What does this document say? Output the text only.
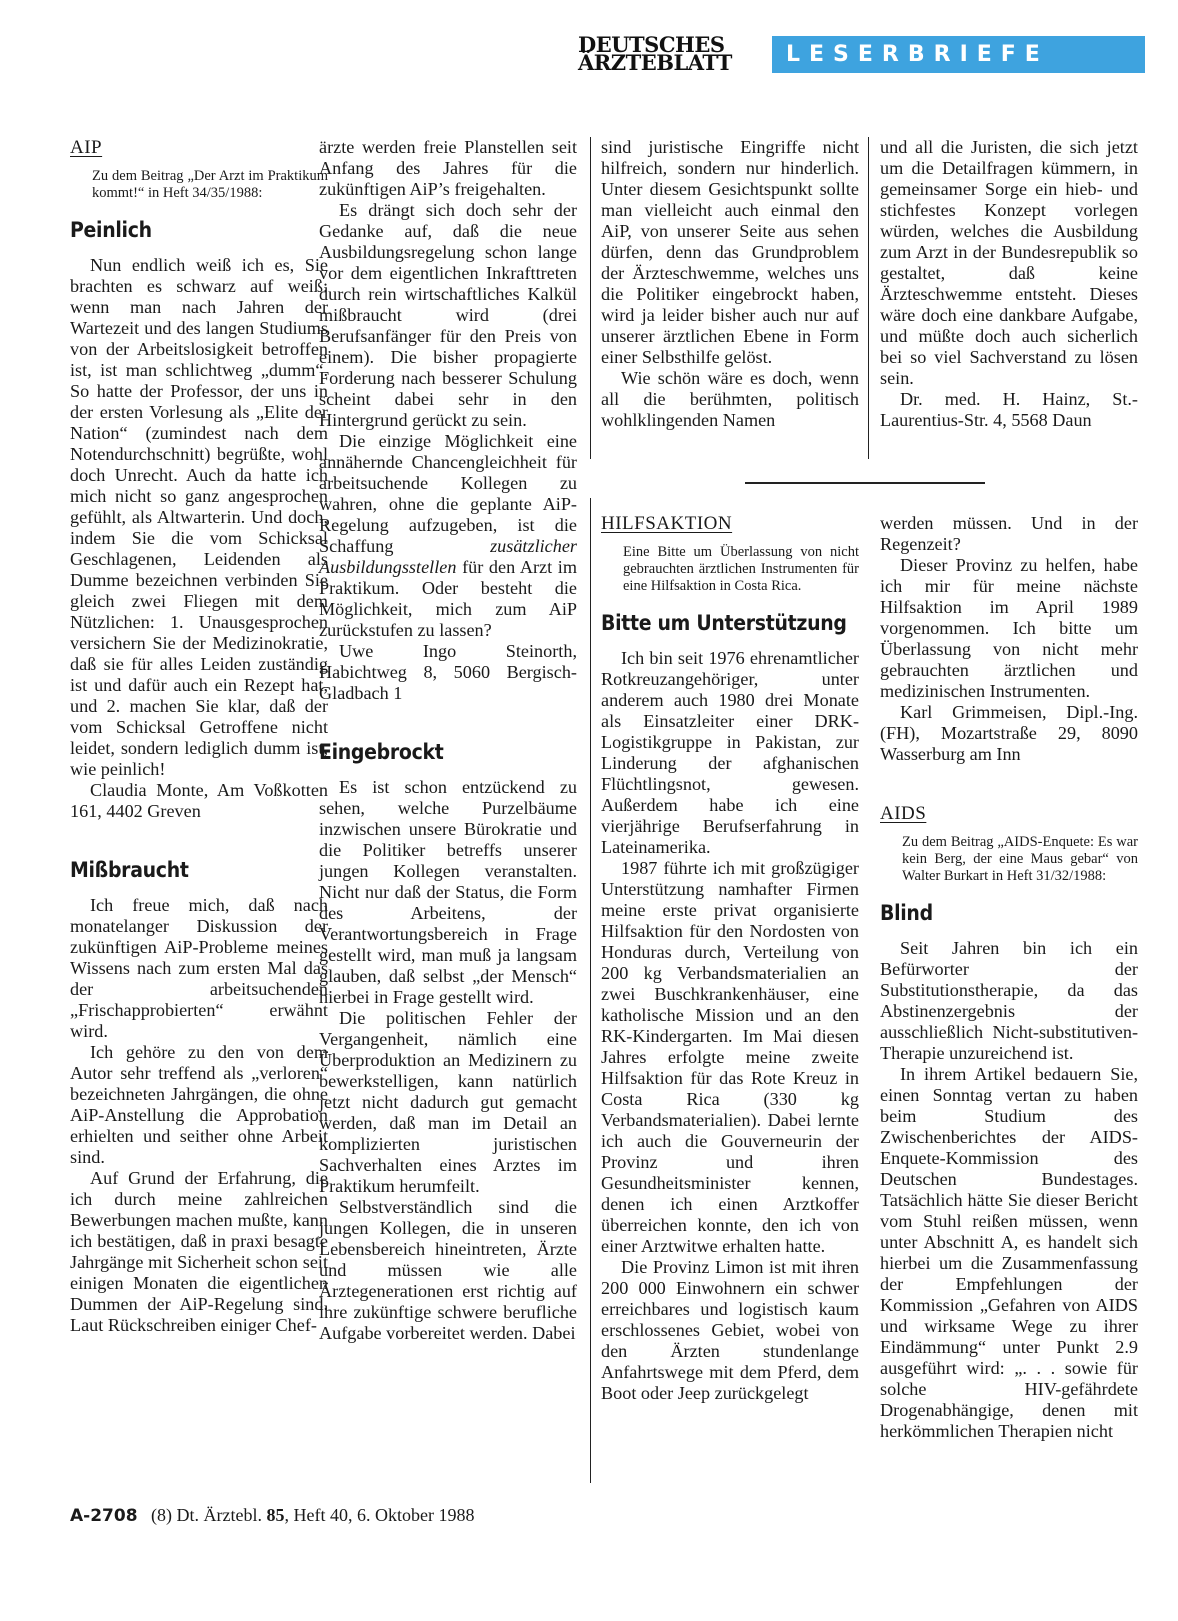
DEUTSCHES
ÄRZTEBLATT	LESERBRIEFE
AIP
Zu dem Beitrag „Der Arzt im Praktikum kommt!“ in Heft 34/35/1988:
Peinlich

Nun endlich weiß ich es, Sie brachten es schwarz auf weiß: wenn man nach Jahren der Wartezeit und des langen Studiums von der Arbeitslosigkeit betroffen ist, ist man schlichtweg „dumm“. So hatte der Professor, der uns in der ersten Vorlesung als „Elite der Nation“ (zumindest nach dem Notendurchschnitt) begrüßte, wohl doch Unrecht. Auch da hatte ich mich nicht so ganz angesprochen gefühlt, als Altwarterin. Und doch, indem Sie die vom Schicksal Geschlagenen, Leidenden als Dumme bezeichnen verbinden Sie gleich zwei Fliegen mit dem Nützlichen: 1. Unausgesprochen versichern Sie der Medizinokratie, daß sie für alles Leiden zuständig ist und dafür auch ein Rezept hat, und 2. machen Sie klar, daß der vom Schicksal Getroffene nicht leidet, sondern lediglich dumm ist, wie peinlich!

Claudia Monte, Am Voßkotten 161, 4402 Greven

Mißbraucht

Ich freue mich, daß nach monatelanger Diskussion der zukünftigen AiP-Probleme meines Wissens nach zum ersten Mal das der arbeitsuchenden „Frischapprobierten“ erwähnt wird.

Ich gehöre zu den von dem Autor sehr treffend als „verloren“ bezeichneten Jahrgängen, die ohne AiP-Anstellung die Approbation erhielten und seither ohne Arbeit sind.

Auf Grund der Erfahrung, die ich durch meine zahlreichen Bewerbungen machen mußte, kann ich bestätigen, daß in praxi besagte Jahrgänge mit Sicherheit schon seit einigen Monaten die eigentlichen Dummen der AiP-Regelung sind. Laut Rückschreiben einiger Chef-

ärzte werden freie Planstellen seit Anfang des Jahres für die zukünftigen AiP’s freigehalten.

Es drängt sich doch sehr der Gedanke auf, daß die neue Ausbildungsregelung schon lange vor dem eigentlichen Inkrafttreten durch rein wirtschaftliches Kalkül mißbraucht wird (drei Berufsanfänger für den Preis von einem). Die bisher propagierte Forderung nach besserer Schulung scheint dabei sehr in den Hintergrund gerückt zu sein.

Die einzige Möglichkeit eine annähernde Chancengleichheit für arbeitsuchende Kollegen zu wahren, ohne die geplante AiP-Regelung aufzugeben, ist die Schaffung zusätzlicher Ausbildungsstellen für den Arzt im Praktikum. Oder besteht die Möglichkeit, mich zum AiP zurückstufen zu lassen?

Uwe Ingo Steinorth, Habichtweg 8, 5060 Bergisch-Gladbach 1

Eingebrockt

Es ist schon entzückend zu sehen, welche Purzelbäume inzwischen unsere Bürokratie und die Politiker betreffs unserer jungen Kollegen veranstalten. Nicht nur daß der Status, die Form des Arbeitens, der Verantwortungsbereich in Frage gestellt wird, man muß ja langsam glauben, daß selbst „der Mensch“ hierbei in Frage gestellt wird.

Die politischen Fehler der Vergangenheit, nämlich eine Überproduktion an Medizinern zu bewerkstelligen, kann natürlich jetzt nicht dadurch gut gemacht werden, daß man im Detail an komplizierten juristischen Sachverhalten eines Arztes im Praktikum herumfeilt.

Selbstverständlich sind die jungen Kollegen, die in unseren Lebensbereich hineintreten, Ärzte und müssen wie alle Ärztegenerationen erst richtig auf ihre zukünftige schwere berufliche Aufgabe vorbereitet werden. Dabei

sind juristische Eingriffe nicht hilfreich, sondern nur hinderlich. Unter diesem Gesichtspunkt sollte man vielleicht auch einmal den AiP, von unserer Seite aus sehen dürfen, denn das Grundproblem der Ärzteschwemme, welches uns die Politiker eingebrockt haben, wird ja leider bisher auch nur auf unserer ärztlichen Ebene in Form einer Selbsthilfe gelöst.

Wie schön wäre es doch, wenn all die berühmten, politisch wohlklingenden Namen

und all die Juristen, die sich jetzt um die Detailfragen kümmern, in gemeinsamer Sorge ein hieb- und stichfestes Konzept vorlegen würden, welches die Ausbildung zum Arzt in der Bundesrepublik so gestaltet, daß keine Ärzteschwemme entsteht. Dieses wäre doch eine dankbare Aufgabe, und müßte doch auch sicherlich bei so viel Sachverstand zu lösen sein.

Dr. med. H. Hainz, St.-Laurentius-Str. 4, 5568 Daun

HILFSAKTION
Eine Bitte um Überlassung von nicht gebrauchten ärztlichen Instrumenten für eine Hilfsaktion in Costa Rica.
Bitte um Unterstützung

Ich bin seit 1976 ehrenamtlicher Rotkreuzangehöriger, unter anderem auch 1980 drei Monate als Einsatzleiter einer DRK-Logistikgruppe in Pakistan, zur Linderung der afghanischen Flüchtlingsnot, gewesen. Außerdem habe ich eine vierjährige Berufserfahrung in Lateinamerika.

1987 führte ich mit großzügiger Unterstützung namhafter Firmen meine erste privat organisierte Hilfsaktion für den Nordosten von Honduras durch, Verteilung von 200 kg Verbandsmaterialien an zwei Buschkrankenhäuser, eine katholische Mission und an den RK-Kindergarten. Im Mai diesen Jahres erfolgte meine zweite Hilfsaktion für das Rote Kreuz in Costa Rica (330 kg Verbandsmaterialien). Dabei lernte ich auch die Gouverneurin der Provinz und ihren Gesundheitsminister kennen, denen ich einen Arztkoffer überreichen konnte, den ich von einer Arztwitwe erhalten hatte.

Die Provinz Limon ist mit ihren 200 000 Einwohnern ein schwer erreichbares und logistisch kaum erschlossenes Gebiet, wobei von den Ärzten stundenlange Anfahrtswege mit dem Pferd, dem Boot oder Jeep zurückgelegt

werden müssen. Und in der Regenzeit?

Dieser Provinz zu helfen, habe ich mir für meine nächste Hilfsaktion im April 1989 vorgenommen. Ich bitte um Überlassung von nicht mehr gebrauchten ärztlichen und medizinischen Instrumenten.

Karl Grimmeisen, Dipl.-Ing. (FH), Mozartstraße 29, 8090 Wasserburg am Inn

AIDS
Zu dem Beitrag „AIDS-Enquete: Es war kein Berg, der eine Maus gebar“ von Walter Burkart in Heft 31/32/1988:
Blind

Seit Jahren bin ich ein Befürworter der Substitutionstherapie, da das Abstinenzergebnis der ausschließlich Nicht-substitutiven-Therapie unzureichend ist.

In ihrem Artikel bedauern Sie, einen Sonntag vertan zu haben beim Studium des Zwischenberichtes der AIDS-Enquete-Kommission des Deutschen Bundestages. Tatsächlich hätte Sie dieser Bericht vom Stuhl reißen müssen, wenn unter Abschnitt A, es handelt sich hierbei um die Zusammenfassung der Empfehlungen der Kommission „Gefahren von AIDS und wirksame Wege zu ihrer Eindämmung“ unter Punkt 2.9 ausgeführt wird: „. . . sowie für solche HIV-gefährdete Drogenabhängige, denen mit herkömmlichen Therapien nicht

A-2708 (8) Dt. Ärztebl. 85, Heft 40, 6. Oktober 1988
